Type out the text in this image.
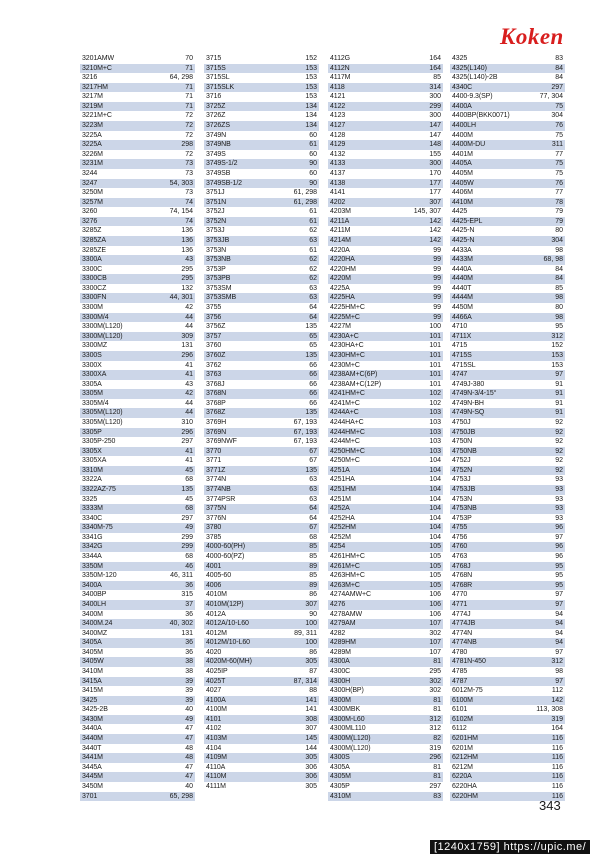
Koken
3201AMW	70
3210M+C	71
3216	64, 298
3217HM	71
3217M	71
3219M	71
3221M+C	72
3223M	72
3225A	72
3225A	298
3226M	72
3231M	73
3244	73
3247	54, 303
3250M	73
3257M	74
3260	74, 154
3276	74
3285Z	136
3285ZA	136
3285ZE	136
3300A	43
3300C	295
3300CB	295
3300CZ	132
3300FN	44, 301
3300M	42
3300M/4	44
3300M(L120)	44
3300M(L120)	309
3300MZ	131
3300S	296
3300X	41
3300XA	41
3305A	43
3305M	42
3305M/4	44
3305M(L120)	44
3305M(L120)	310
3305P	296
3305P-250	297
3305X	41
3305XA	41
3310M	45
3322A	68
3322AZ-75	135
3325	45
3333M	68
3340C	297
3340M-75	49
3341G	299
3342G	299
3344A	68
3350M	46
3350M-120	46, 311
3400A	36
3400BP	315
3400LH	37
3400M	36
3400M.24	40, 302
3400MZ	131
3405A	36
3405M	36
3405W	38
3410M	38
3415A	39
3415M	39
3425	39
3425-2B	40
3430M	49
3440A	47
3440M	47
3440T	48
3441M	48
3445A	47
3445M	47
3450M	40
3701	65, 298
3715	152
3715S	153
3715SL	153
3715SLK	153
3716	153
3725Z	134
3726Z	134
3726ZS	134
3749N	60
3749NB	61
3749S	60
3749S-1/2	90
3749SB	60
3749SB-1/2	90
3751J	61, 298
3751N	61, 298
3752J	61
3752N	61
3753J	62
3753JB	63
3753N	61
3753NB	62
3753P	62
3753PB	62
3753SM	63
3753SMB	63
3755	64
3756	64
3756Z	135
3757	65
3760	65
3760Z	135
3762	66
3763	66
3768J	66
3768N	66
3768P	66
3768Z	135
3769H	67, 193
3769N	67, 193
3769NWF	67, 193
3770	67
3771	67
3771Z	135
3774N	63
3774NB	63
3774PSR	63
3775N	64
3776N	64
3780	67
3785	68
4000-60(PH)	85
4000-60(PZ)	85
4001	89
4005-60	85
4006	89
4010M	86
4010M(12P)	307
4012A	90
4012A/10-L60	100
4012M	89, 311
4012M/10-L60	100
4020	86
4020M-60(MH)	305
4025IP	87
4025T	87, 314
4027	88
4100A	141
4100M	141
4101	308
4102	307
4103M	145
4104	144
4109M	305
4110A	306
4110M	306
4111M	305
4112G	164
4112N	164
4117M	85
4118	314
4121	300
4122	299
4123	300
4127	147
4128	147
4129	148
4132	155
4133	300
4137	170
4138	177
4141	177
4202	307
4203M	145, 307
4211A	142
4211M	142
4214M	142
4220A	99
4220HA	99
4220HM	99
4220M	99
4225A	99
4225HA	99
4225HM+C	99
4225M+C	99
4227M	100
4230A+C	101
4230HA+C	101
4230HM+C	101
4230M+C	101
4238AM+C(6P)	101
4238AM+C(12P)	101
4241HM+C	102
4241M+C	102
4244A+C	103
4244HA+C	103
4244HM+C	103
4244M+C	103
4250HM+C	103
4250M+C	104
4251A	104
4251HA	104
4251HM	104
4251M	104
4252A	104
4252HA	104
4252HM	104
4252M	104
4254	105
4261HM+C	105
4261M+C	105
4263HM+C	105
4263M+C	105
4274AMW+C	106
4276	106
4278AMW	106
4279AM	107
4282	302
4289HM	107
4289M	107
4300A	81
4300C	295
4300H	302
4300H(BP)	302
4300M	81
4300MBK	81
4300M-L60	312
4300ML110	312
4300M(L120)	82
4300M(L120)	319
4300S	296
4305A	81
4305M	81
4305P	297
4310M	83
4325	83
4325(L140)	84
4325(L140)-2B	84
4340C	297
4400-9.3(SP)	77, 304
4400A	75
4400BP(BKK0071)	304
4400LH	76
4400M	75
4400M-DU	311
4401M	77
4405A	75
4405M	75
4405W	76
4406M	77
4410M	78
4425	79
4425-EPL	79
4425-N	80
4425-N	304
4433A	98
4433M	68, 98
4440A	84
4440M	84
4440T	85
4444M	98
4450M	80
4466A	98
4710	95
4711X	312
4715	152
4715S	153
4715SL	153
4747	97
4749J-380	91
4749N-3/4-15°	91
4749N-BH	91
4749N-SQ	91
4750J	92
4750JB	92
4750N	92
4750NB	92
4752J	92
4752N	92
4753J	93
4753JB	93
4753N	93
4753NB	93
4753P	93
4755	96
4756	97
4760	96
4763	96
4768J	95
4768N	95
4768R	95
4770	97
4771	97
4774J	94
4774JB	94
4774N	94
4774NB	94
4780	97
4781N-450	312
4785	98
4787	97
6012M-75	112
6100M	142
6101	113, 308
6102M	319
6112	164
6201HM	116
6201M	116
6212HM	116
6212M	116
6220A	116
6220HA	116
6220HM	116
343
[1240x1759] https://upic.me/
